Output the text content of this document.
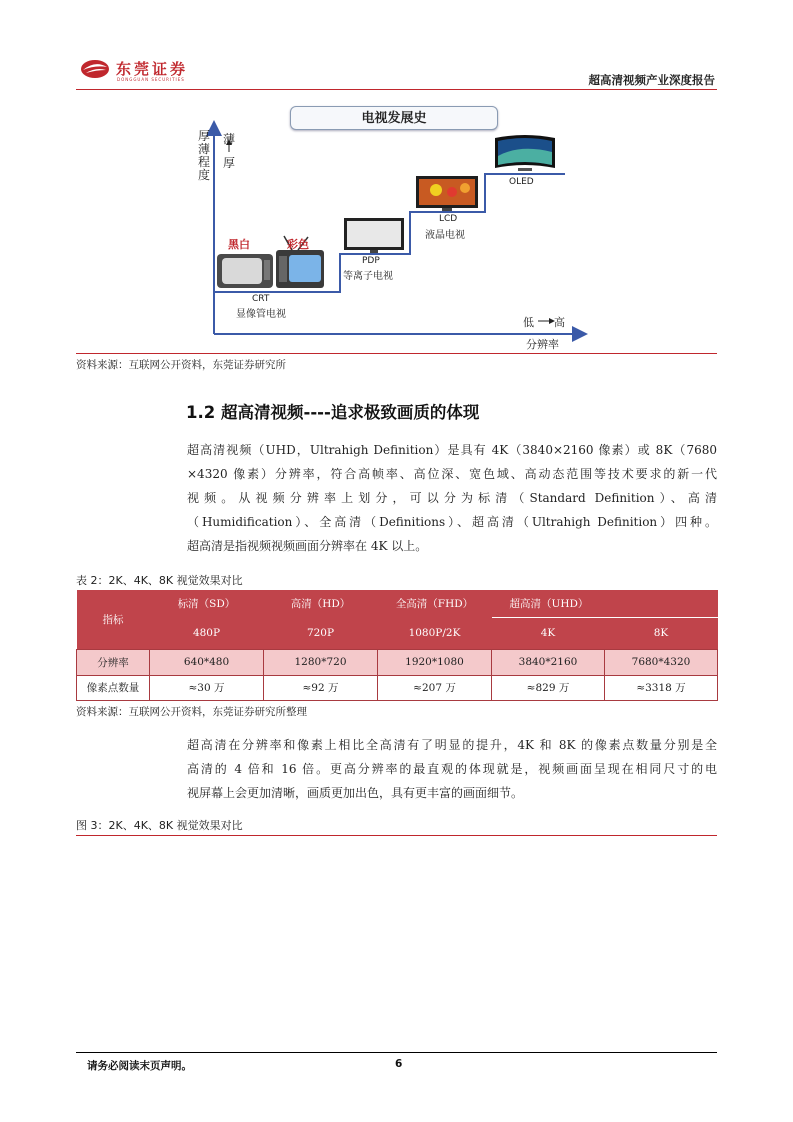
东莞证券
DONGGUAN SECURITIES	超高清视频产业深度报告
电视发展史
厚薄程度
薄
厚
低 高
分辨率
黑白	彩色
CRT
显像管电视
PDP
等离子电视
LCD
液晶电视
OLED
资料来源：互联网公开资料，东莞证券研究所
1.2 超高清视频----追求极致画质的体现
超高清视频（UHD，Ultrahigh Definition）是具有 4K（3840×2160 像素）或 8K（7680
×4320 像素）分辨率，符合高帧率、高位深、宽色域、高动态范围等技术要求的新一代
视频。从视频分辨率上划分，可以分为标清（Standard Definition）、高清
（Humidification）、全高清（Definitions）、超高清（Ultrahigh Definition）四种。
超高清是指视频视频画面分辨率在 4K 以上。
表 2：2K、4K、8K 视觉效果对比
指标	标清（SD）	高清（HD）	全高清（FHD）	超高清（UHD）	
	480P	720P	1080P/2K	4K	8K
分辨率	640*480	1280*720	1920*1080	3840*2160	7680*4320
像素点数量	≈30 万	≈92 万	≈207 万	≈829 万	≈3318 万
资料来源：互联网公开资料，东莞证券研究所整理
超高清在分辨率和像素上相比全高清有了明显的提升，4K 和 8K 的像素点数量分别是全
高清的 4 倍和 16 倍。更高分辨率的最直观的体现就是，视频画面呈现在相同尺寸的电
视屏幕上会更加清晰，画质更加出色，具有更丰富的画面细节。
图 3：2K、4K、8K 视觉效果对比
请务必阅读末页声明。	6
